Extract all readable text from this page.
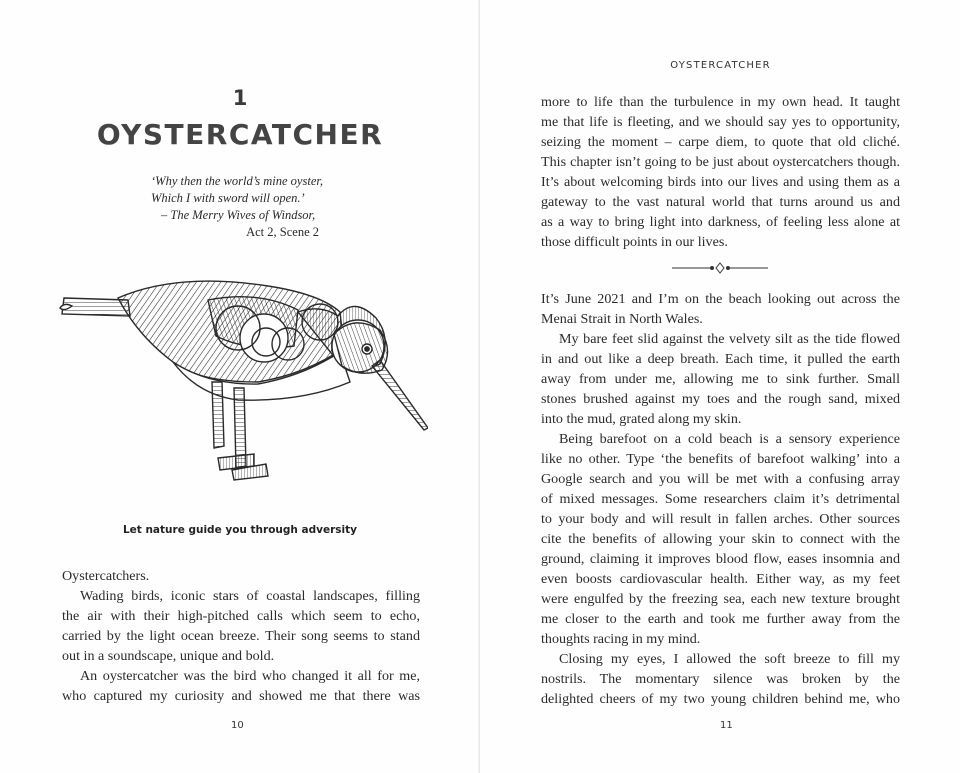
1
OYSTERCATCHER
‘Why then the world’s mine oyster,
Which I with sword will open.’
– The Merry Wives of Windsor,
Act 2, Scene 2
Let nature guide you through adversity

Oystercatchers.

Wading birds, iconic stars of coastal landscapes, filling

the air with their high-pitched calls which seem to echo,

carried by the light ocean breeze. Their song seems to stand

out in a soundscape, unique and bold.

An oystercatcher was the bird who changed it all for me,

who captured my curiosity and showed me that there was

10
OYSTERCATCHER

more to life than the turbulence in my own head. It taught

me that life is fleeting, and we should say yes to opportunity,

seizing the moment – carpe diem, to quote that old cliché.

This chapter isn’t going to be just about oystercatchers though.

It’s about welcoming birds into our lives and using them as a

gateway to the vast natural world that turns around us and

as a way to bring light into darkness, of feeling less alone at

those difficult points in our lives.

It’s June 2021 and I’m on the beach looking out across the

Menai Strait in North Wales.

My bare feet slid against the velvety silt as the tide flowed

in and out like a deep breath. Each time, it pulled the earth

away from under me, allowing me to sink further. Small

stones brushed against my toes and the rough sand, mixed

into the mud, grated along my skin.

Being barefoot on a cold beach is a sensory experience

like no other. Type ‘the benefits of barefoot walking’ into a

Google search and you will be met with a confusing array

of mixed messages. Some researchers claim it’s detrimental

to your body and will result in fallen arches. Other sources

cite the benefits of allowing your skin to connect with the

ground, claiming it improves blood flow, eases insomnia and

even boosts cardiovascular health. Either way, as my feet

were engulfed by the freezing sea, each new texture brought

me closer to the earth and took me further away from the

thoughts racing in my mind.

Closing my eyes, I allowed the soft breeze to fill my

nostrils. The momentary silence was broken by the

delighted cheers of my two young children behind me, who

11
